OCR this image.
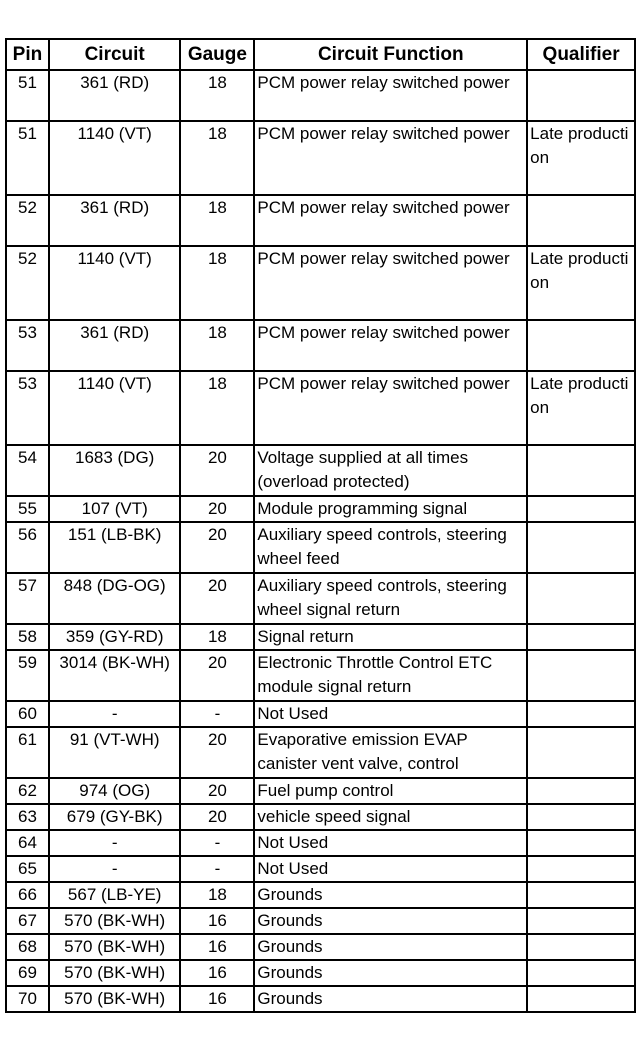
Pin	Circuit	Gauge	Circuit Function	Qualifier
51	361 (RD)	18	PCM power relay switched power	
51	1140 (VT)	18	PCM power relay switched power	Late production
52	361 (RD)	18	PCM power relay switched power	
52	1140 (VT)	18	PCM power relay switched power	Late production
53	361 (RD)	18	PCM power relay switched power	
53	1140 (VT)	18	PCM power relay switched power	Late production
54	1683 (DG)	20	Voltage supplied at all times (overload protected)	
55	107 (VT)	20	Module programming signal	
56	151 (LB-BK)	20	Auxiliary speed controls, steering wheel feed	
57	848 (DG-OG)	20	Auxiliary speed controls, steering wheel signal return	
58	359 (GY-RD)	18	Signal return	
59	3014 (BK-WH)	20	Electronic Throttle Control ETC module signal return	
60	-	-	Not Used	
61	91 (VT-WH)	20	Evaporative emission EVAP canister vent valve, control	
62	974 (OG)	20	Fuel pump control	
63	679 (GY-BK)	20	vehicle speed signal	
64	-	-	Not Used	
65	-	-	Not Used	
66	567 (LB-YE)	18	Grounds	
67	570 (BK-WH)	16	Grounds	
68	570 (BK-WH)	16	Grounds	
69	570 (BK-WH)	16	Grounds	
70	570 (BK-WH)	16	Grounds	
